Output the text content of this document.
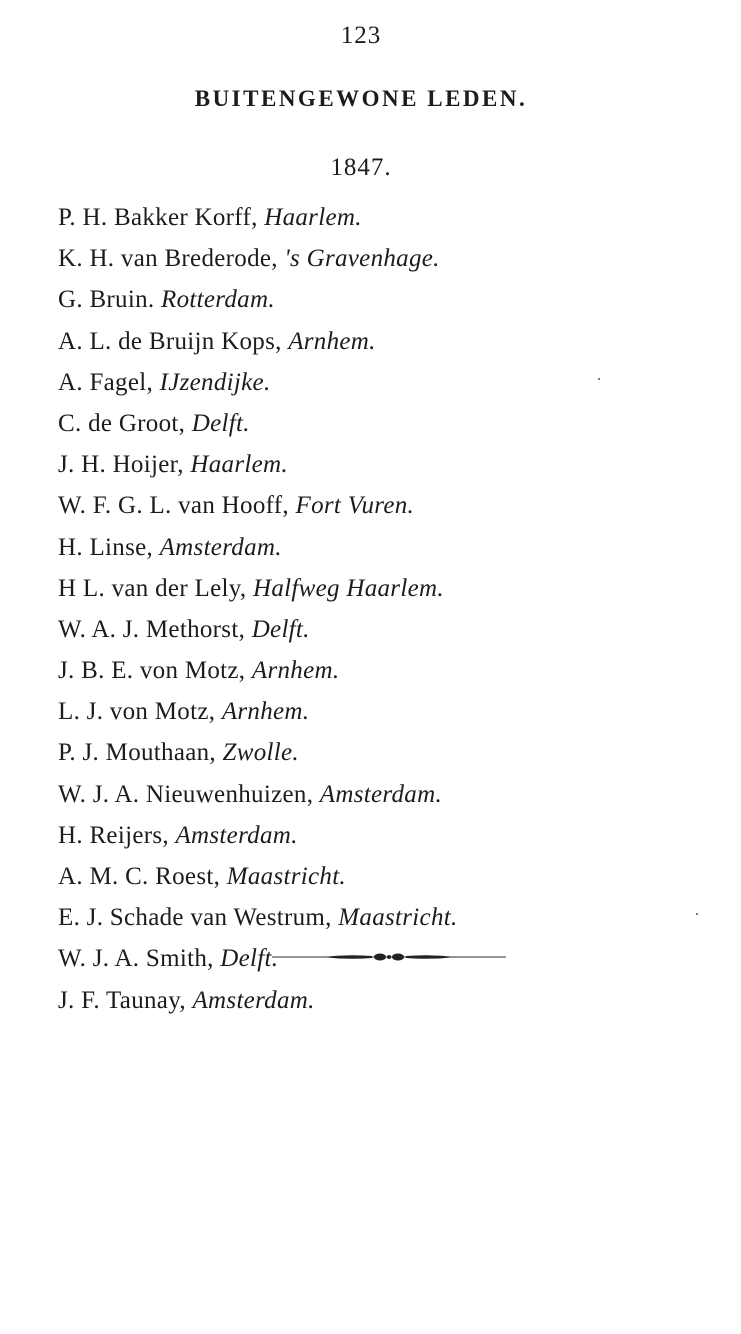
123
BUITENGEWONE LEDEN.
1847.
P. H. Bakker Korff, Haarlem.
K. H. van Brederode, 's Gravenhage.
G. Bruin. Rotterdam.
A. L. de Bruijn Kops, Arnhem.
A. Fagel, IJzendijke.
C. de Groot, Delft.
J. H. Hoijer, Haarlem.
W. F. G. L. van Hooff, Fort Vuren.
H. Linse, Amsterdam.
H L. van der Lely, Halfweg Haarlem.
W. A. J. Methorst, Delft.
J. B. E. von Motz, Arnhem.
L. J. von Motz, Arnhem.
P. J. Mouthaan, Zwolle.
W. J. A. Nieuwenhuizen, Amsterdam.
H. Reijers, Amsterdam.
A. M. C. Roest, Maastricht.
E. J. Schade van Westrum, Maastricht.
W. J. A. Smith, Delft.
J. F. Taunay, Amsterdam.
